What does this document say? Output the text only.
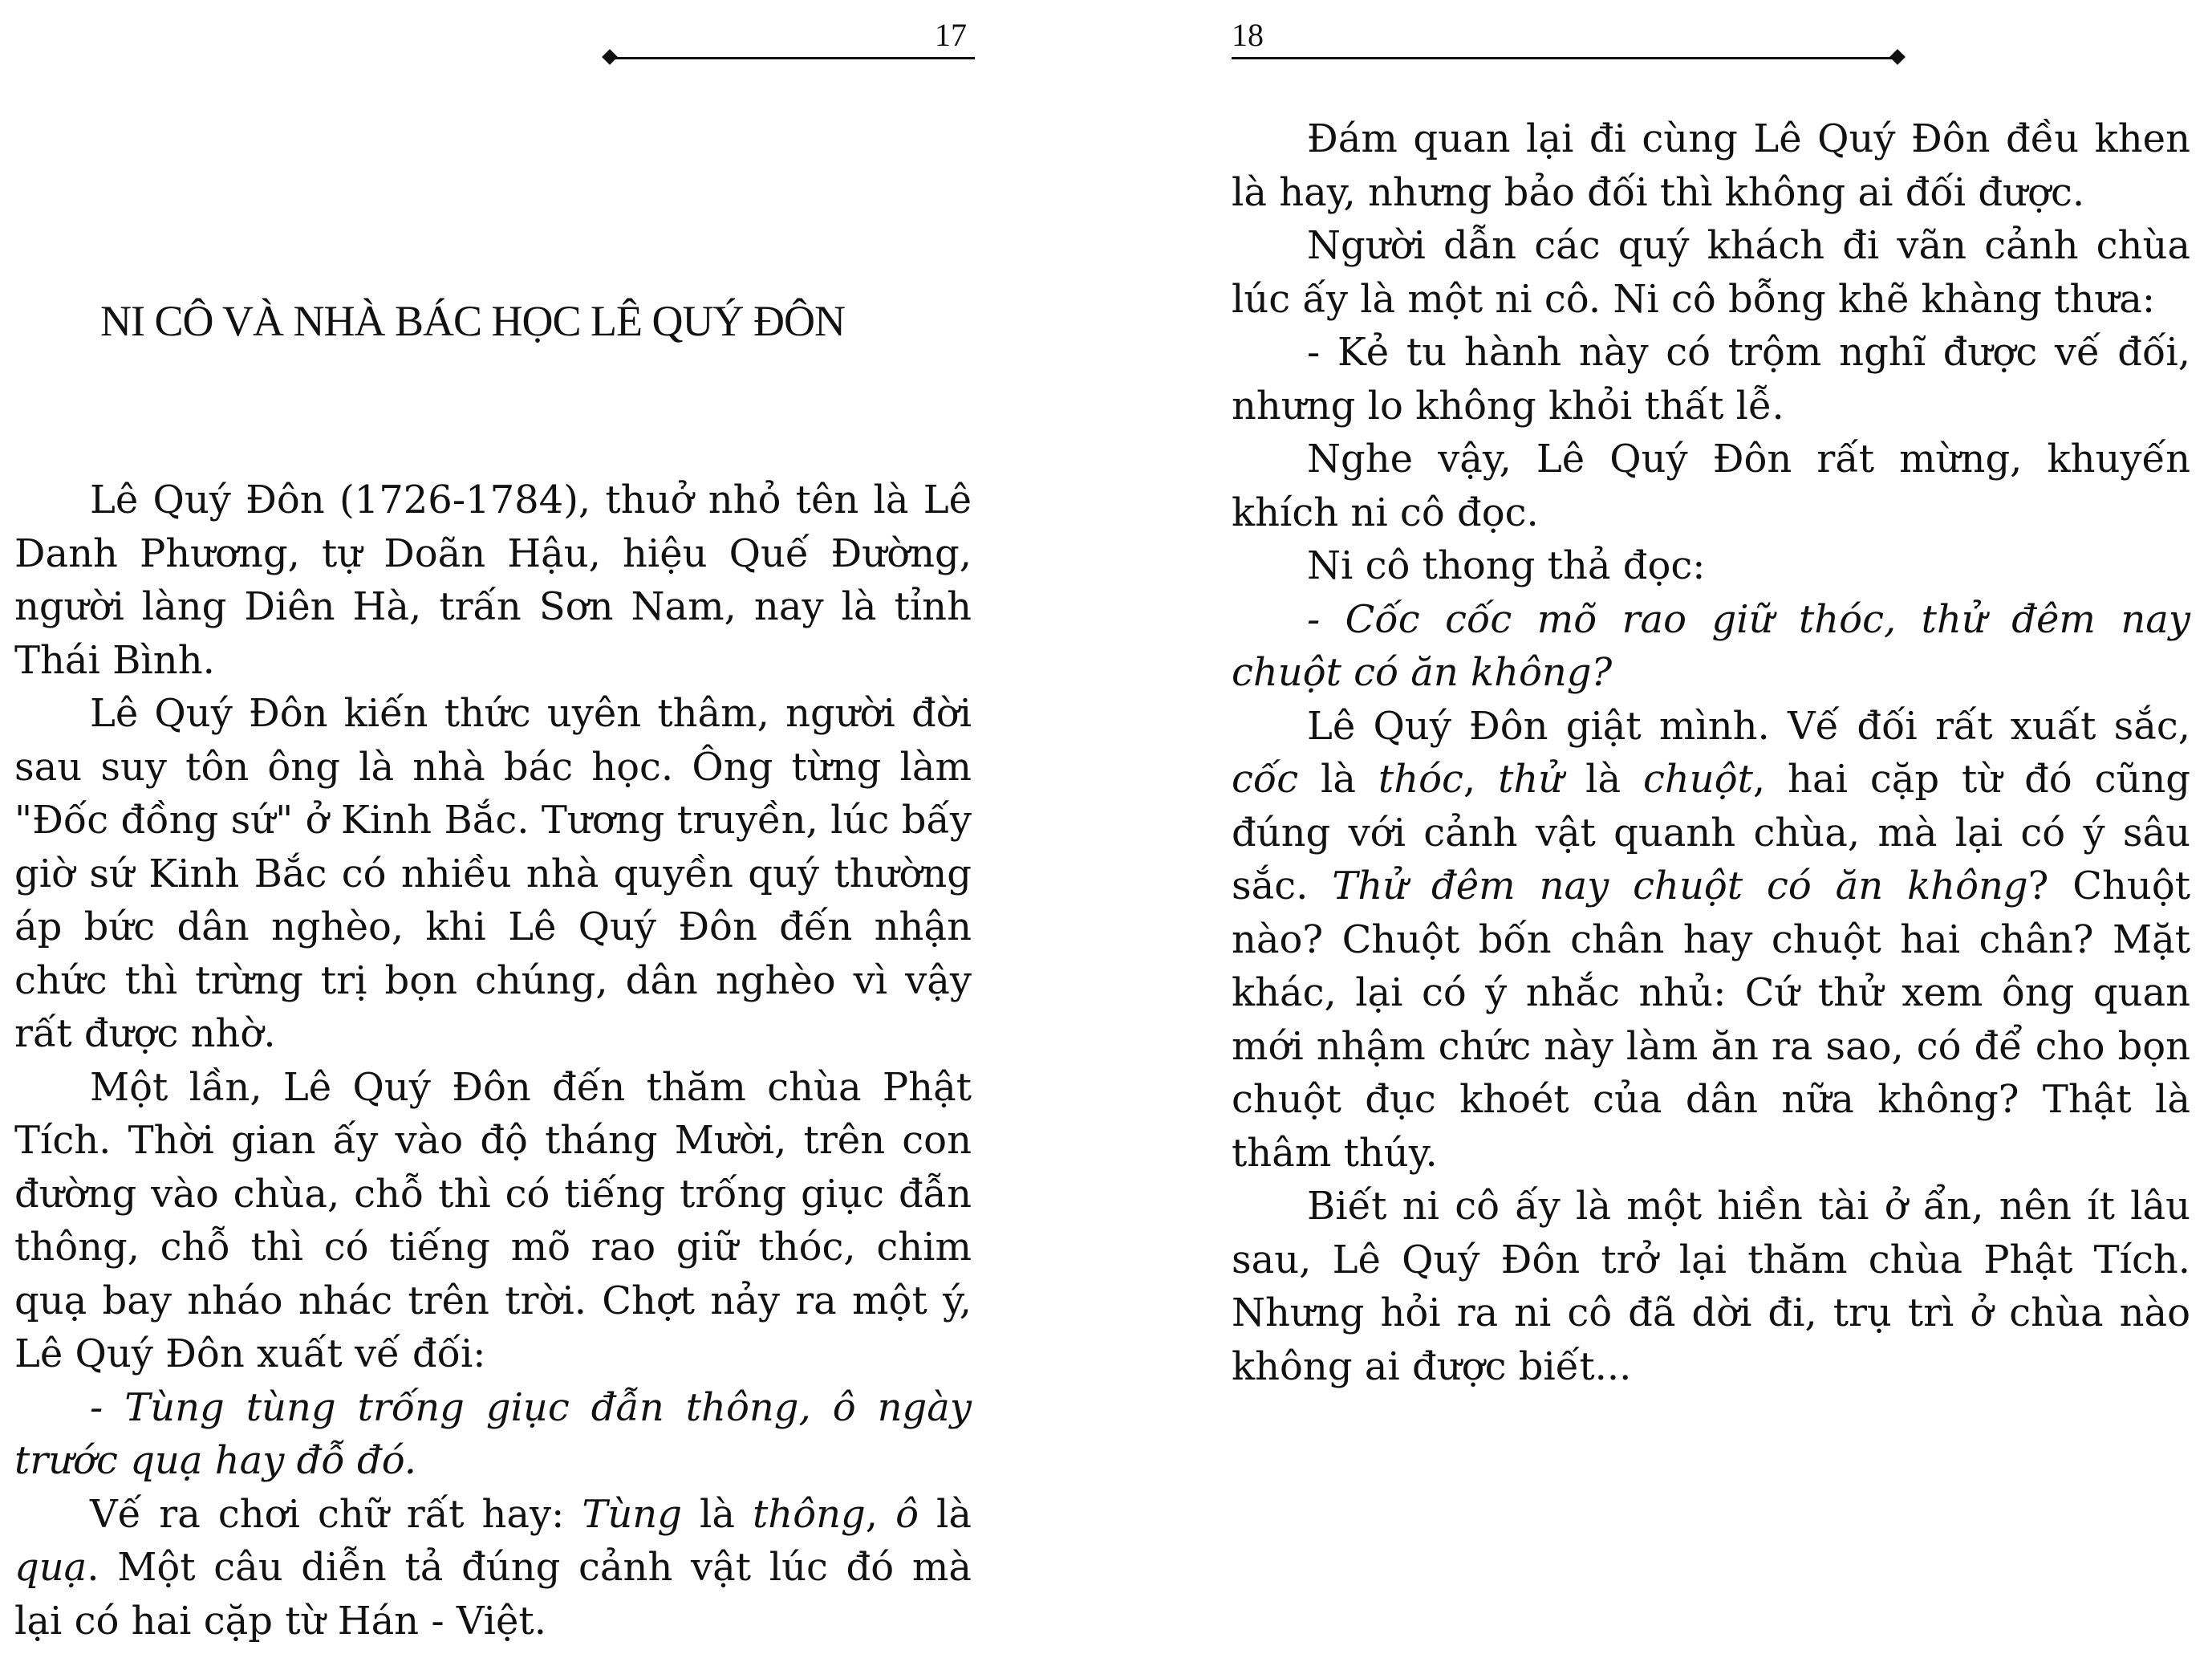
17
NI CÔ VÀ NHÀ BÁC HỌC LÊ QUÝ ĐÔN

Lê Quý Đôn (1726-1784), thuở nhỏ tên là Lê Danh Phương, tự Doãn Hậu, hiệu Quế Đường, người làng Diên Hà, trấn Sơn Nam, nay là tỉnh Thái Bình.

Lê Quý Đôn kiến thức uyên thâm, người đời sau suy tôn ông là nhà bác học. Ông từng làm "Đốc đồng sứ" ở Kinh Bắc. Tương truyền, lúc bấy giờ sứ Kinh Bắc có nhiều nhà quyền quý thường áp bức dân nghèo, khi Lê Quý Đôn đến nhận chức thì trừng trị bọn chúng, dân nghèo vì vậy rất được nhờ.

Một lần, Lê Quý Đôn đến thăm chùa Phật Tích. Thời gian ấy vào độ tháng Mười, trên con đường vào chùa, chỗ thì có tiếng trống giục đẫn thông, chỗ thì có tiếng mõ rao giữ thóc, chim quạ bay nháo nhác trên trời. Chợt nảy ra một ý, Lê Quý Đôn xuất vế đối:

- Tùng tùng trống giục đẫn thông, ô ngày trước quạ hay đỗ đó.

Vế ra chơi chữ rất hay: Tùng là thông, ô là quạ. Một câu diễn tả đúng cảnh vật lúc đó mà lại có hai cặp từ Hán - Việt.

18

Đám quan lại đi cùng Lê Quý Đôn đều khen là hay, nhưng bảo đối thì không ai đối được.

Người dẫn các quý khách đi vãn cảnh chùa lúc ấy là một ni cô. Ni cô bỗng khẽ khàng thưa:

- Kẻ tu hành này có trộm nghĩ được vế đối, nhưng lo không khỏi thất lễ.

Nghe vậy, Lê Quý Đôn rất mừng, khuyến khích ni cô đọc.

Ni cô thong thả đọc:

- Cốc cốc mõ rao giữ thóc, thử đêm nay chuột có ăn không?

Lê Quý Đôn giật mình. Vế đối rất xuất sắc, cốc là thóc, thử là chuột, hai cặp từ đó cũng đúng với cảnh vật quanh chùa, mà lại có ý sâu sắc. Thử đêm nay chuột có ăn không? Chuột nào? Chuột bốn chân hay chuột hai chân? Mặt khác, lại có ý nhắc nhủ: Cứ thử xem ông quan mới nhậm chức này làm ăn ra sao, có để cho bọn chuột đục khoét của dân nữa không? Thật là thâm thúy.

Biết ni cô ấy là một hiền tài ở ẩn, nên ít lâu sau, Lê Quý Đôn trở lại thăm chùa Phật Tích. Nhưng hỏi ra ni cô đã dời đi, trụ trì ở chùa nào không ai được biết...
